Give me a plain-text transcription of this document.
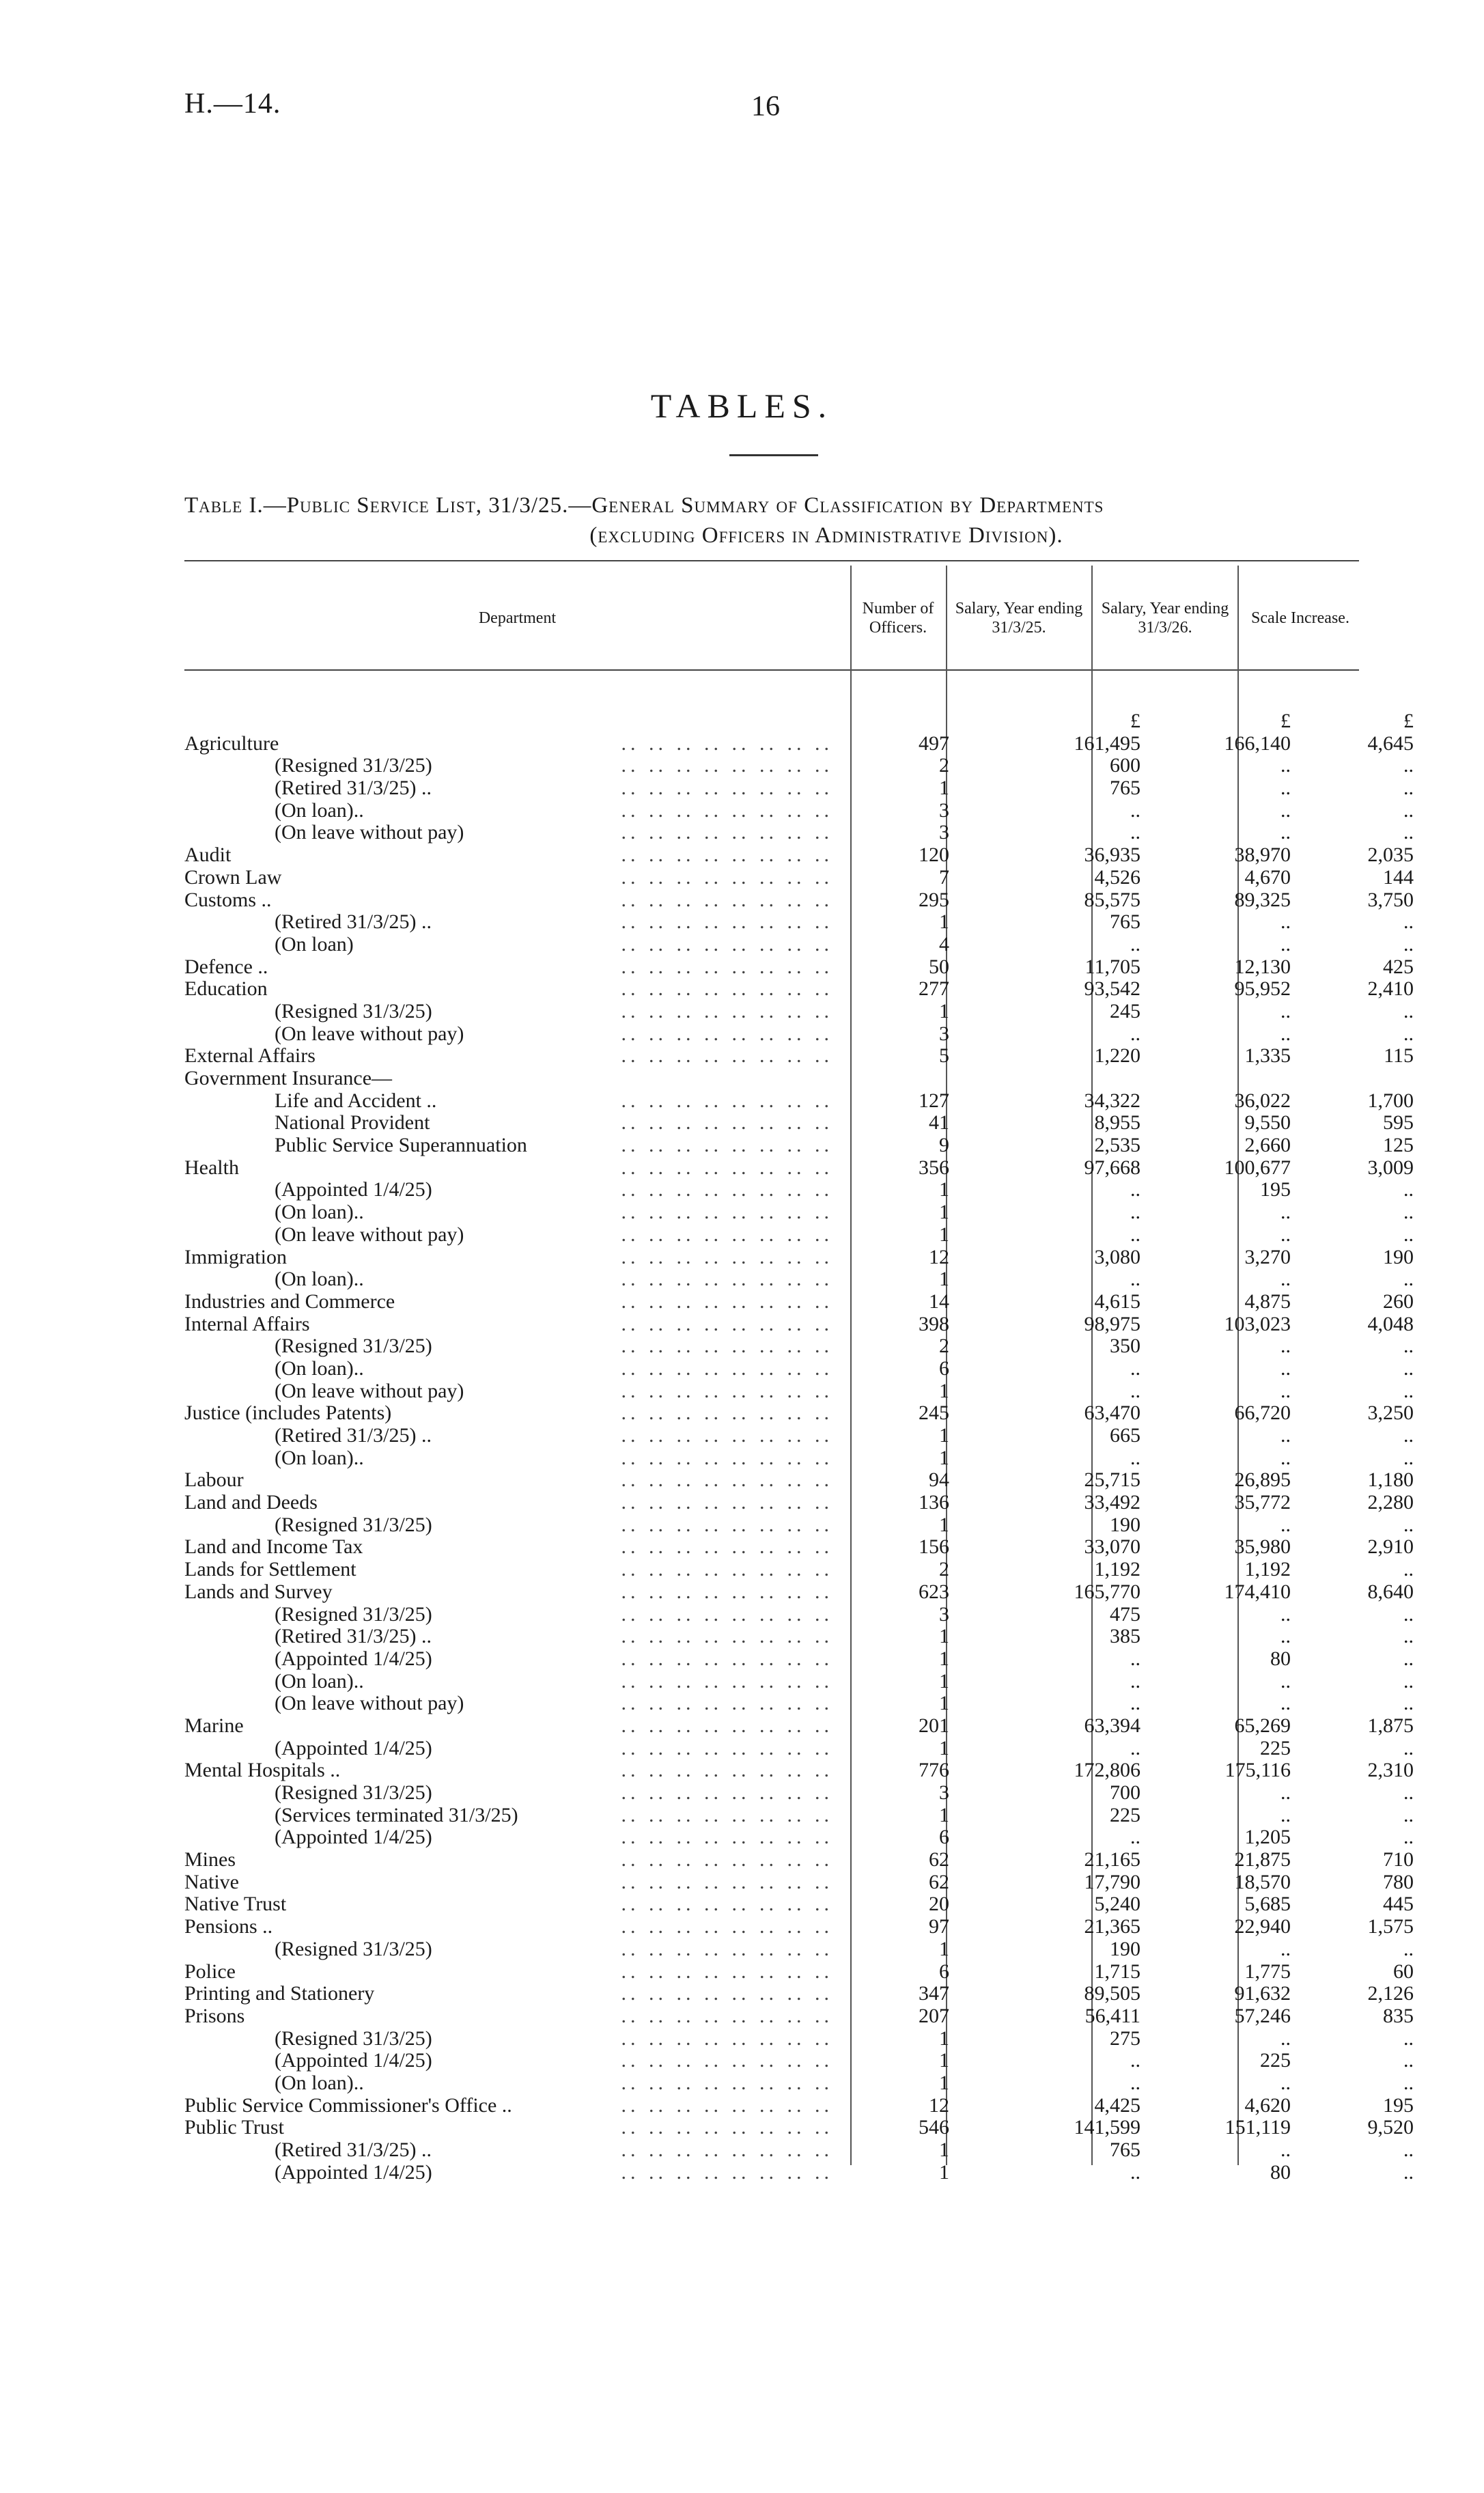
H.—14.	16
TABLES.
Table I.—Public Service List, 31/3/25.—General Summary of Classification by Departments
(excluding Officers in Administrative Division).
Department
Number of Officers.
Salary, Year ending 31/3/25.
Salary, Year ending 31/3/26.
Scale Increase.
£	£	£
Agriculture	.. .. .. .. .. .. .. ..	497	161,495	166,140	4,645
(Resigned 31/3/25)	.. .. .. .. .. .. .. ..	2	600	..	..
(Retired 31/3/25) ..	.. .. .. .. .. .. .. ..	1	765	..	..
(On loan)..	.. .. .. .. .. .. .. ..	3	..	..	..
(On leave without pay)	.. .. .. .. .. .. .. ..	3	..	..	..
Audit	.. .. .. .. .. .. .. ..	120	36,935	38,970	2,035
Crown Law	.. .. .. .. .. .. .. ..	7	4,526	4,670	144
Customs ..	.. .. .. .. .. .. .. ..	295	85,575	89,325	3,750
(Retired 31/3/25) ..	.. .. .. .. .. .. .. ..	1	765	..	..
(On loan)	.. .. .. .. .. .. .. ..	4	..	..	..
Defence ..	.. .. .. .. .. .. .. ..	50	11,705	12,130	425
Education	.. .. .. .. .. .. .. ..	277	93,542	95,952	2,410
(Resigned 31/3/25)	.. .. .. .. .. .. .. ..	1	245	..	..
(On leave without pay)	.. .. .. .. .. .. .. ..	3	..	..	..
External Affairs	.. .. .. .. .. .. .. ..	5	1,220	1,335	115
Government Insurance—
Life and Accident ..	.. .. .. .. .. .. .. ..	127	34,322	36,022	1,700
National Provident	.. .. .. .. .. .. .. ..	41	8,955	9,550	595
Public Service Superannuation	.. .. .. .. .. .. .. ..	9	2,535	2,660	125
Health	.. .. .. .. .. .. .. ..	356	97,668	100,677	3,009
(Appointed 1/4/25)	.. .. .. .. .. .. .. ..	1	..	195	..
(On loan)..	.. .. .. .. .. .. .. ..	1	..	..	..
(On leave without pay)	.. .. .. .. .. .. .. ..	1	..	..	..
Immigration	.. .. .. .. .. .. .. ..	12	3,080	3,270	190
(On loan)..	.. .. .. .. .. .. .. ..	1	..	..	..
Industries and Commerce	.. .. .. .. .. .. .. ..	14	4,615	4,875	260
Internal Affairs	.. .. .. .. .. .. .. ..	398	98,975	103,023	4,048
(Resigned 31/3/25)	.. .. .. .. .. .. .. ..	2	350	..	..
(On loan)..	.. .. .. .. .. .. .. ..	6	..	..	..
(On leave without pay)	.. .. .. .. .. .. .. ..	1	..	..	..
Justice (includes Patents)	.. .. .. .. .. .. .. ..	245	63,470	66,720	3,250
(Retired 31/3/25) ..	.. .. .. .. .. .. .. ..	1	665	..	..
(On loan)..	.. .. .. .. .. .. .. ..	1	..	..	..
Labour	.. .. .. .. .. .. .. ..	94	25,715	26,895	1,180
Land and Deeds	.. .. .. .. .. .. .. ..	136	33,492	35,772	2,280
(Resigned 31/3/25)	.. .. .. .. .. .. .. ..	1	190	..	..
Land and Income Tax	.. .. .. .. .. .. .. ..	156	33,070	35,980	2,910
Lands for Settlement	.. .. .. .. .. .. .. ..	2	1,192	1,192	..
Lands and Survey	.. .. .. .. .. .. .. ..	623	165,770	174,410	8,640
(Resigned 31/3/25)	.. .. .. .. .. .. .. ..	3	475	..	..
(Retired 31/3/25) ..	.. .. .. .. .. .. .. ..	1	385	..	..
(Appointed 1/4/25)	.. .. .. .. .. .. .. ..	1	..	80	..
(On loan)..	.. .. .. .. .. .. .. ..	1	..	..	..
(On leave without pay)	.. .. .. .. .. .. .. ..	1	..	..	..
Marine	.. .. .. .. .. .. .. ..	201	63,394	65,269	1,875
(Appointed 1/4/25)	.. .. .. .. .. .. .. ..	1	..	225	..
Mental Hospitals ..	.. .. .. .. .. .. .. ..	776	172,806	175,116	2,310
(Resigned 31/3/25)	.. .. .. .. .. .. .. ..	3	700	..	..
(Services terminated 31/3/25)	.. .. .. .. .. .. .. ..	1	225	..	..
(Appointed 1/4/25)	.. .. .. .. .. .. .. ..	6	..	1,205	..
Mines	.. .. .. .. .. .. .. ..	62	21,165	21,875	710
Native	.. .. .. .. .. .. .. ..	62	17,790	18,570	780
Native Trust	.. .. .. .. .. .. .. ..	20	5,240	5,685	445
Pensions ..	.. .. .. .. .. .. .. ..	97	21,365	22,940	1,575
(Resigned 31/3/25)	.. .. .. .. .. .. .. ..	1	190	..	..
Police	.. .. .. .. .. .. .. ..	6	1,715	1,775	60
Printing and Stationery	.. .. .. .. .. .. .. ..	347	89,505	91,632	2,126
Prisons	.. .. .. .. .. .. .. ..	207	56,411	57,246	835
(Resigned 31/3/25)	.. .. .. .. .. .. .. ..	1	275	..	..
(Appointed 1/4/25)	.. .. .. .. .. .. .. ..	1	..	225	..
(On loan)..	.. .. .. .. .. .. .. ..	1	..	..	..
Public Service Commissioner's Office ..	.. .. .. .. .. .. .. ..	12	4,425	4,620	195
Public Trust	.. .. .. .. .. .. .. ..	546	141,599	151,119	9,520
(Retired 31/3/25) ..	.. .. .. .. .. .. .. ..	1	765	..	..
(Appointed 1/4/25)	.. .. .. .. .. .. .. ..	1	..	80	..
